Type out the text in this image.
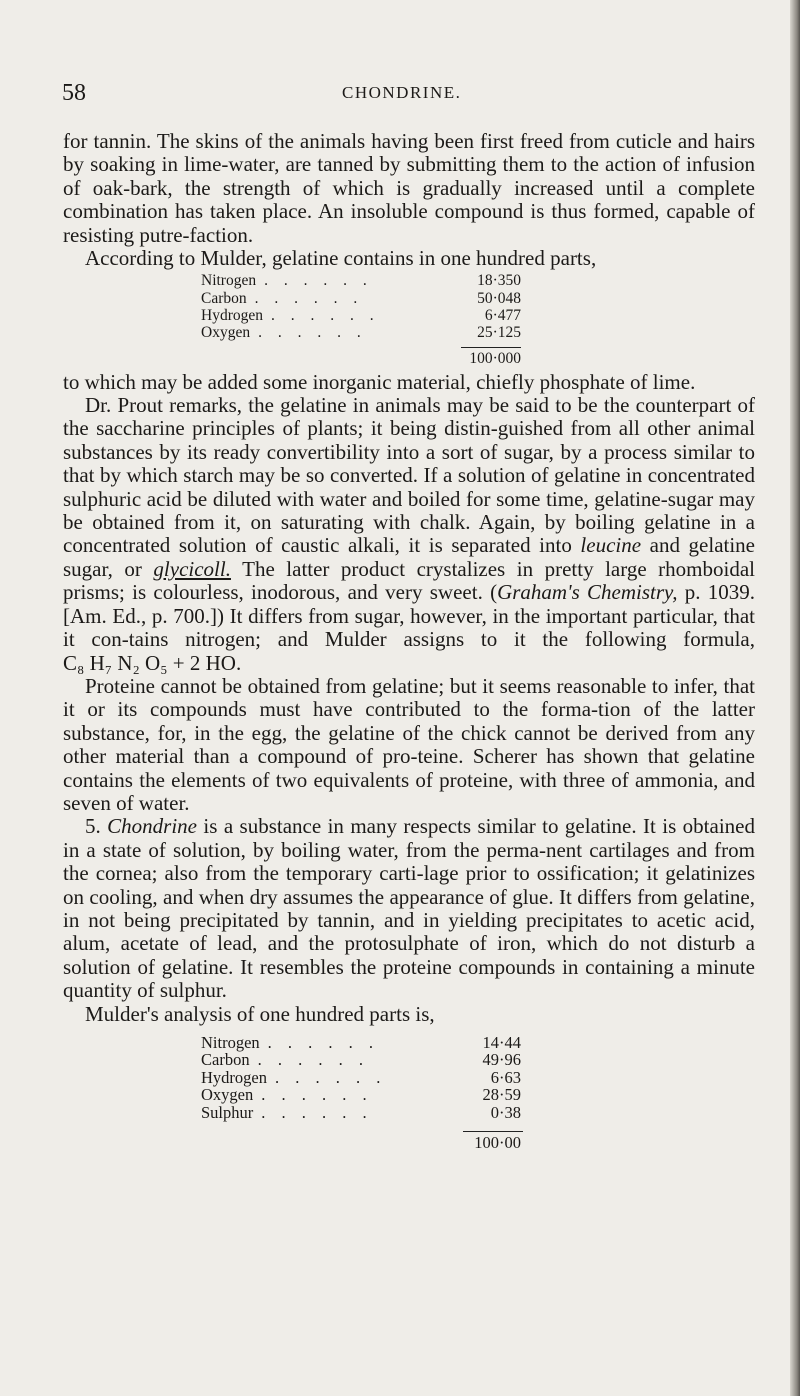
58	CHONDRINE.

for tannin. The skins of the animals having been first freed from cuticle and hairs by soaking in lime-water, are tanned by submitting them to the action of infusion of oak-bark, the strength of which is gradually increased until a complete combination has taken place. An insoluble compound is thus formed, capable of resisting putre-faction.

According to Mulder, gelatine contains in one hundred parts,

Nitrogen . . . . . .	18·350
Carbon . . . . . .	50·048
Hydrogen . . . . . .	6·477
Oxygen . . . . . .	25·125
100·000

to which may be added some inorganic material, chiefly phosphate of lime.

Dr. Prout remarks, the gelatine in animals may be said to be the counterpart of the saccharine principles of plants; it being distin-guished from all other animal substances by its ready convertibility into a sort of sugar, by a process similar to that by which starch may be so converted. If a solution of gelatine in concentrated sulphuric acid be diluted with water and boiled for some time, gelatine-sugar may be obtained from it, on saturating with chalk. Again, by boiling gelatine in a concentrated solution of caustic alkali, it is separated into leucine and gelatine sugar, or glycicoll. The latter product crystalizes in pretty large rhomboidal prisms; is colourless, inodorous, and very sweet. (Graham's Chemistry, p. 1039. [Am. Ed., p. 700.]) It differs from sugar, however, in the important particular, that it con-tains nitrogen; and Mulder assigns to it the following formula, C₈ H₇ N₂ O₅ + 2 HO.

Proteine cannot be obtained from gelatine; but it seems reasonable to infer, that it or its compounds must have contributed to the forma-tion of the latter substance, for, in the egg, the gelatine of the chick cannot be derived from any other material than a compound of pro-teine. Scherer has shown that gelatine contains the elements of two equivalents of proteine, with three of ammonia, and seven of water.

5. Chondrine is a substance in many respects similar to gelatine. It is obtained in a state of solution, by boiling water, from the perma-nent cartilages and from the cornea; also from the temporary carti-lage prior to ossification; it gelatinizes on cooling, and when dry assumes the appearance of glue. It differs from gelatine, in not being precipitated by tannin, and in yielding precipitates to acetic acid, alum, acetate of lead, and the protosulphate of iron, which do not disturb a solution of gelatine. It resembles the proteine compounds in containing a minute quantity of sulphur.

Mulder's analysis of one hundred parts is,

Nitrogen . . . . . .	14·44
Carbon . . . . . .	49·96
Hydrogen . . . . . .	6·63
Oxygen . . . . . .	28·59
Sulphur . . . . . .	0·38
100·00
